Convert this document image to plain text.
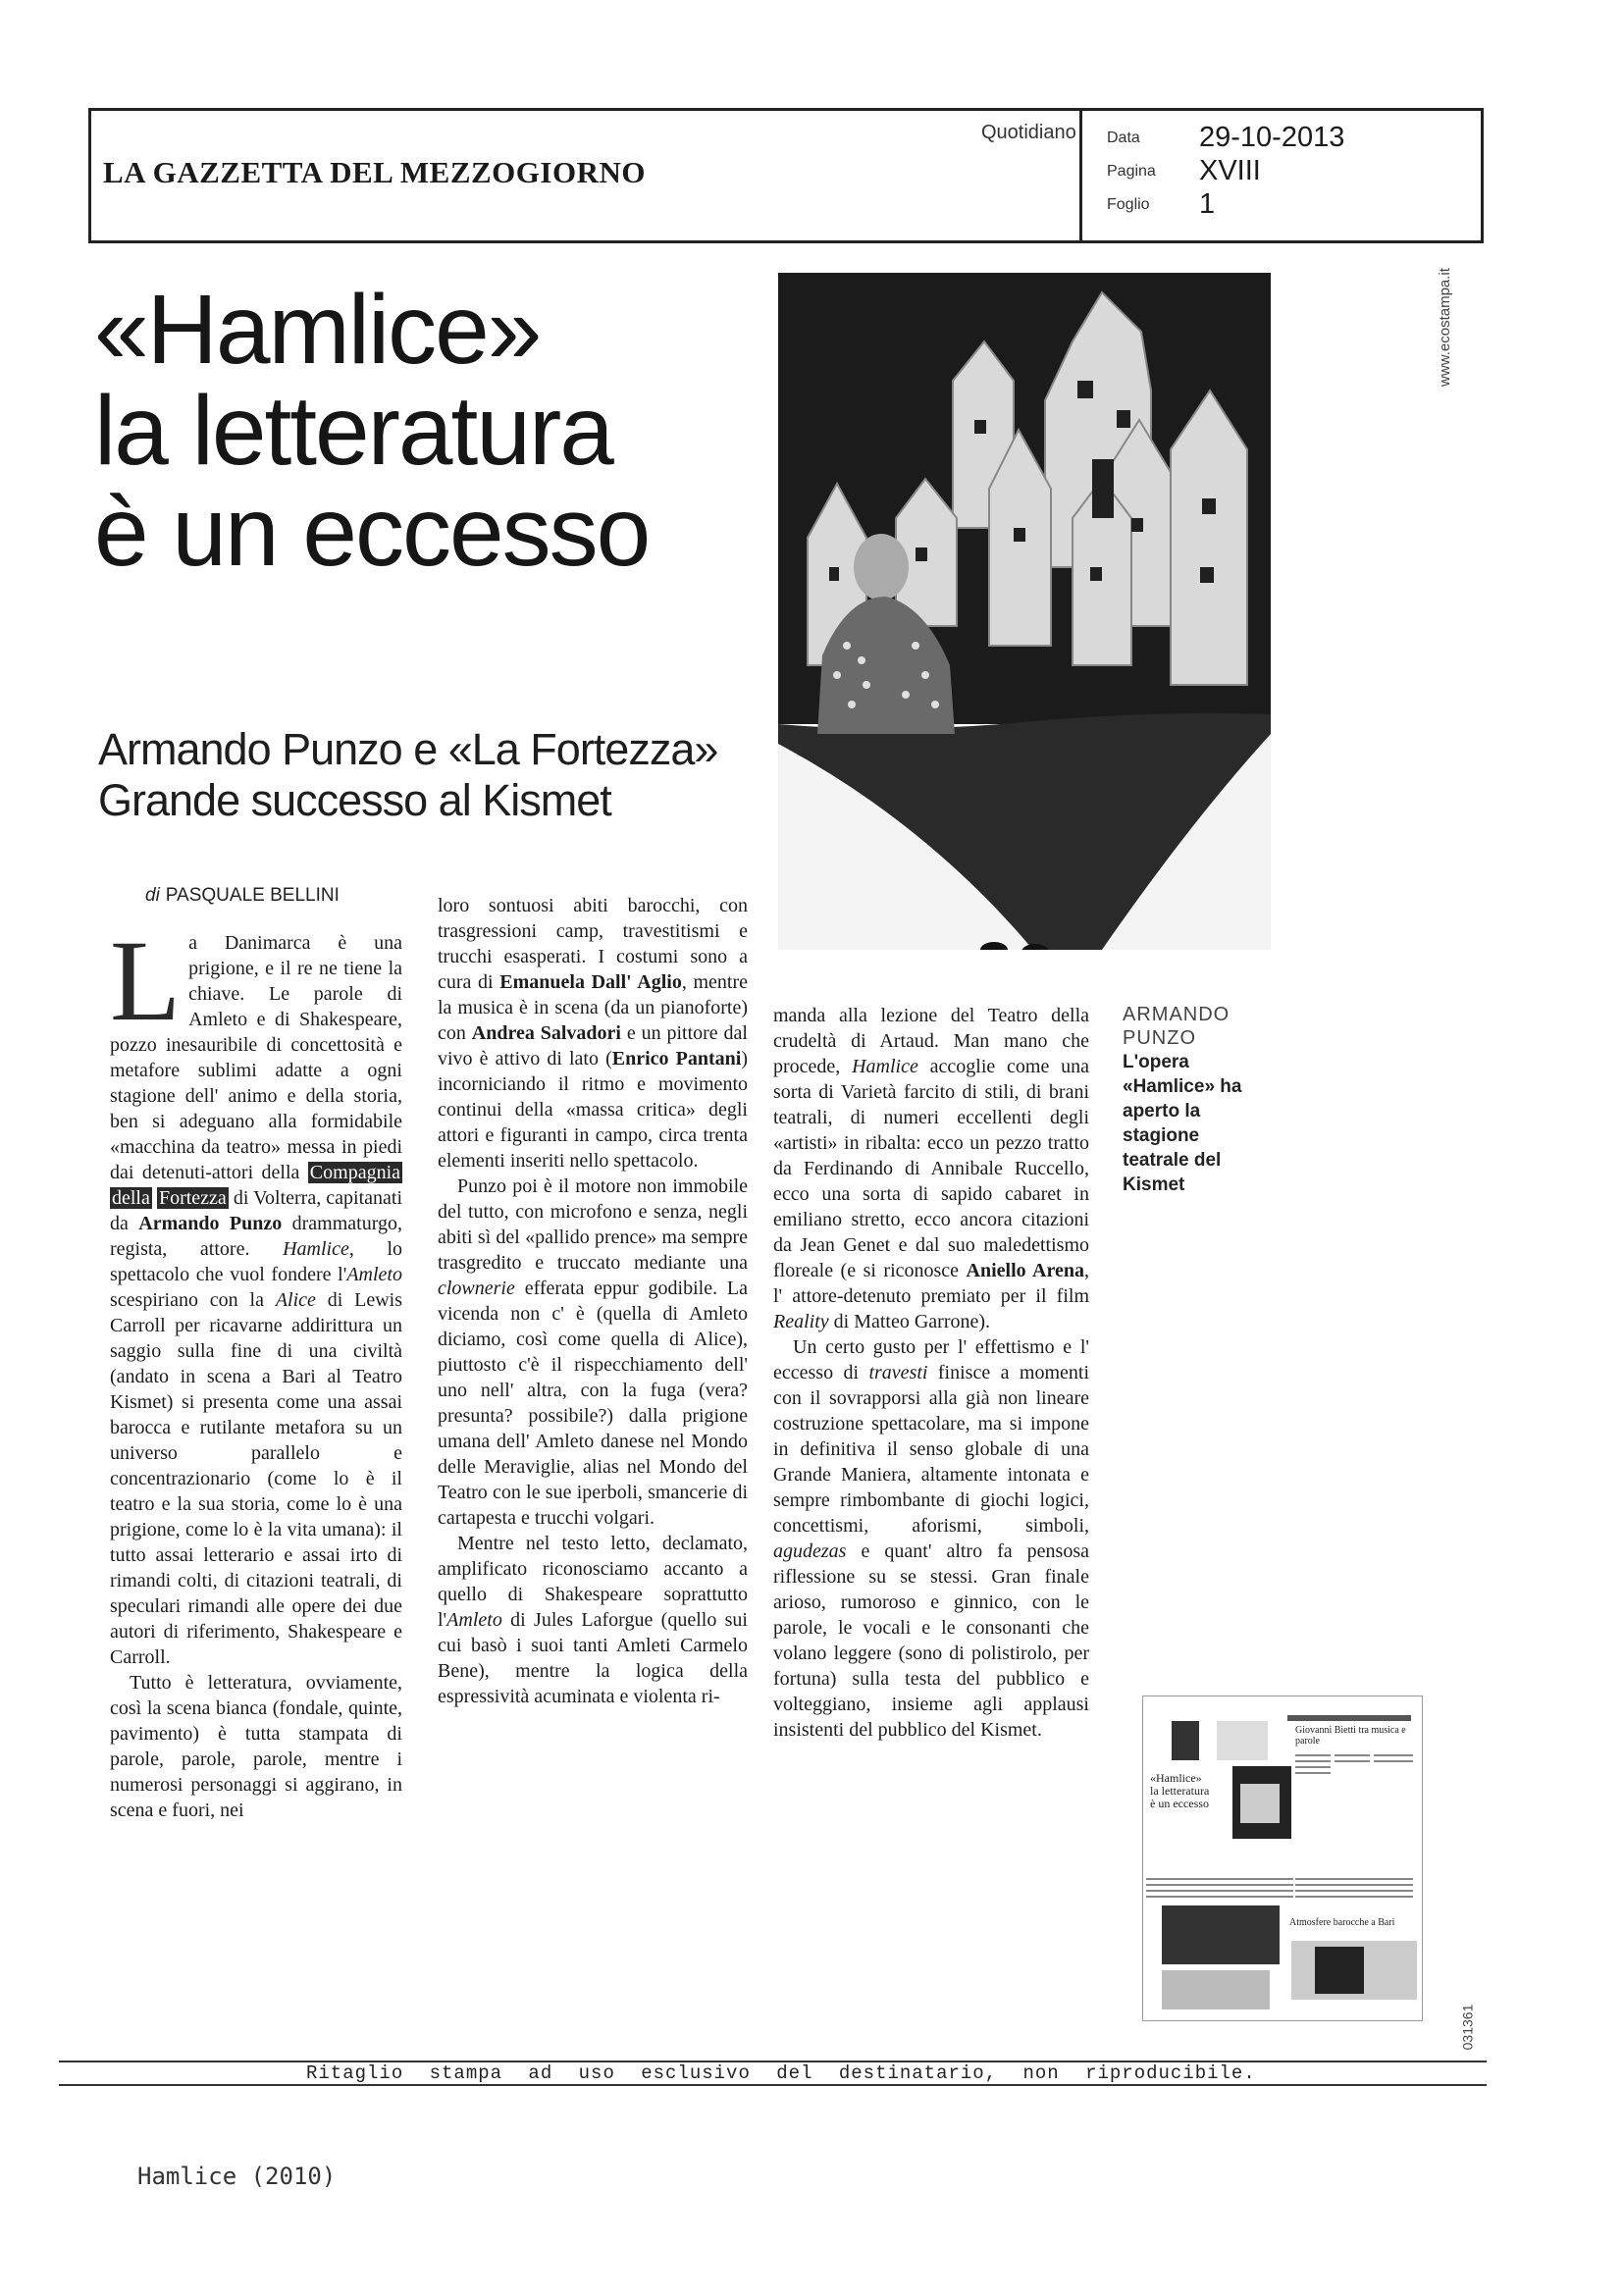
LA GAZZETTA DEL MEZZOGIORNO
Quotidiano Data 29-10-2013
Pagina XVIII
Foglio 1
www.ecostampa.it
031361
«Hamlice»
la letteratura
è un eccesso
Armando Punzo e «La Fortezza»
Grande successo al Kismet
di PASQUALE BELLINI

La Danimarca è una prigione, e il re ne tiene la chiave. Le parole di Amleto e di Shakespeare, pozzo inesauribile di concettosità e metafore sublimi adatte a ogni stagione dell' animo e della storia, ben si adeguano alla formidabile «macchina da teatro» messa in piedi dai detenuti-attori della Compagnia della Fortezza di Volterra, capitanati da Armando Punzo drammaturgo, regista, attore. Hamlice, lo spettacolo che vuol fondere l'Amleto scespiriano con la Alice di Lewis Carroll per ricavarne addirittura un saggio sulla fine di una civiltà (andato in scena a Bari al Teatro Kismet) si presenta come una assai barocca e rutilante metafora su un universo parallelo e concentrazionario (come lo è il teatro e la sua storia, come lo è una prigione, come lo è la vita umana): il tutto assai letterario e assai irto di rimandi colti, di citazioni teatrali, di speculari rimandi alle opere dei due autori di riferimento, Shakespeare e Carroll.

Tutto è letteratura, ovviamente, così la scena bianca (fondale, quinte, pavimento) è tutta stampata di parole, parole, parole, mentre i numerosi personaggi si aggirano, in scena e fuori, nei

loro sontuosi abiti barocchi, con trasgressioni camp, travestitismi e trucchi esasperati. I costumi sono a cura di Emanuela Dall' Aglio, mentre la musica è in scena (da un pianoforte) con Andrea Salvadori e un pittore dal vivo è attivo di lato (Enrico Pantani) incorniciando il ritmo e movimento continui della «massa critica» degli attori e figuranti in campo, circa trenta elementi inseriti nello spettacolo.

Punzo poi è il motore non immobile del tutto, con microfono e senza, negli abiti sì del «pallido prence» ma sempre trasgredito e truccato mediante una clownerie efferata eppur godibile. La vicenda non c' è (quella di Amleto diciamo, così come quella di Alice), piuttosto c'è il rispecchiamento dell' uno nell' altra, con la fuga (vera? presunta? possibile?) dalla prigione umana dell' Amleto danese nel Mondo delle Meraviglie, alias nel Mondo del Teatro con le sue iperboli, smancerie di cartapesta e trucchi volgari.

Mentre nel testo letto, declamato, amplificato riconosciamo accanto a quello di Shakespeare soprattutto l'Amleto di Jules Laforgue (quello sui cui basò i suoi tanti Amleti Carmelo Bene), mentre la logica della espressività acuminata e violenta ri-

manda alla lezione del Teatro della crudeltà di Artaud. Man mano che procede, Hamlice accoglie come una sorta di Varietà farcito di stili, di brani teatrali, di numeri eccellenti degli «artisti» in ribalta: ecco un pezzo tratto da Ferdinando di Annibale Ruccello, ecco una sorta di sapido cabaret in emiliano stretto, ecco ancora citazioni da Jean Genet e dal suo maledettismo floreale (e si riconosce Aniello Arena, l' attore-detenuto premiato per il film Reality di Matteo Garrone).

Un certo gusto per l' effettismo e l' eccesso di travesti finisce a momenti con il sovrapporsi alla già non lineare costruzione spettacolare, ma si impone in definitiva il senso globale di una Grande Maniera, altamente intonata e sempre rimbombante di giochi logici, concettismi, aforismi, simboli, agudezas e quant' altro fa pensosa riflessione su se stessi. Gran finale arioso, rumoroso e ginnico, con le parole, le vocali e le consonanti che volano leggere (sono di polistirolo, per fortuna) sulla testa del pubblico e volteggiano, insieme agli applausi insistenti del pubblico del Kismet.

ARMANDO PUNZO
L'opera «Hamlice» ha aperto la stagione teatrale del Kismet
«Hamlice»
la letteratura
è un eccesso
Giovanni Bietti tra musica e parole
Atmosfere barocche a Bari
Ritaglio stampa ad uso esclusivo del destinatario, non riproducibile.
Hamlice (2010)
